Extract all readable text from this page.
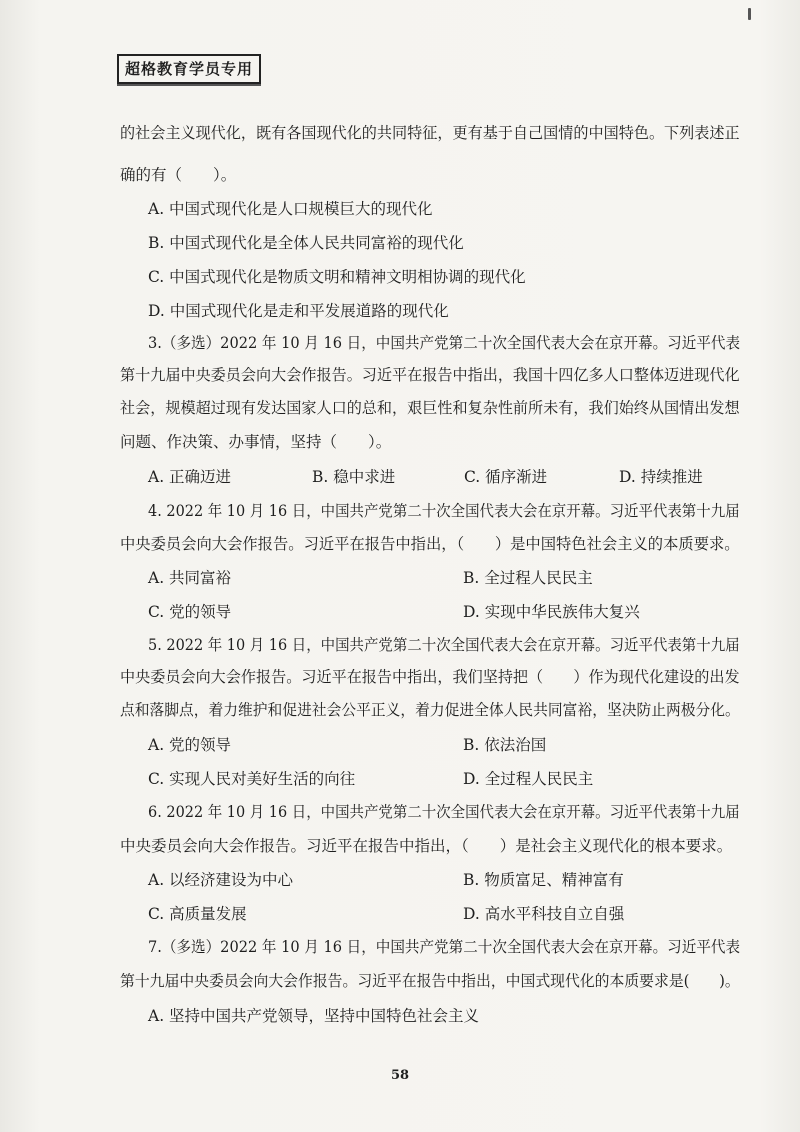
超格教育学员专用
的社会主义现代化，既有各国现代化的共同特征，更有基于自己国情的中国特色。下列表述正
确的有（　　）。
A. 中国式现代化是人口规模巨大的现代化
B. 中国式现代化是全体人民共同富裕的现代化
C. 中国式现代化是物质文明和精神文明相协调的现代化
D. 中国式现代化是走和平发展道路的现代化
3.（多选）2022 年 10 月 16 日，中国共产党第二十次全国代表大会在京开幕。习近平代表
第十九届中央委员会向大会作报告。习近平在报告中指出，我国十四亿多人口整体迈进现代化
社会，规模超过现有发达国家人口的总和，艰巨性和复杂性前所未有，我们始终从国情出发想
问题、作决策、办事情，坚持（　　）。
A. 正确迈进	B. 稳中求进	C. 循序渐进	D. 持续推进
4. 2022 年 10 月 16 日，中国共产党第二十次全国代表大会在京开幕。习近平代表第十九届
中央委员会向大会作报告。习近平在报告中指出，（　　）是中国特色社会主义的本质要求。
A. 共同富裕	B. 全过程人民民主
C. 党的领导	D. 实现中华民族伟大复兴
5. 2022 年 10 月 16 日，中国共产党第二十次全国代表大会在京开幕。习近平代表第十九届
中央委员会向大会作报告。习近平在报告中指出，我们坚持把（　　）作为现代化建设的出发
点和落脚点，着力维护和促进社会公平正义，着力促进全体人民共同富裕，坚决防止两极分化。
A. 党的领导	B. 依法治国
C. 实现人民对美好生活的向往	D. 全过程人民民主
6. 2022 年 10 月 16 日，中国共产党第二十次全国代表大会在京开幕。习近平代表第十九届
中央委员会向大会作报告。习近平在报告中指出，（　　）是社会主义现代化的根本要求。
A. 以经济建设为中心	B. 物质富足、精神富有
C. 高质量发展	D. 高水平科技自立自强
7.（多选）2022 年 10 月 16 日，中国共产党第二十次全国代表大会在京开幕。习近平代表
第十九届中央委员会向大会作报告。习近平在报告中指出，中国式现代化的本质要求是(　　)。
A. 坚持中国共产党领导，坚持中国特色社会主义
58
